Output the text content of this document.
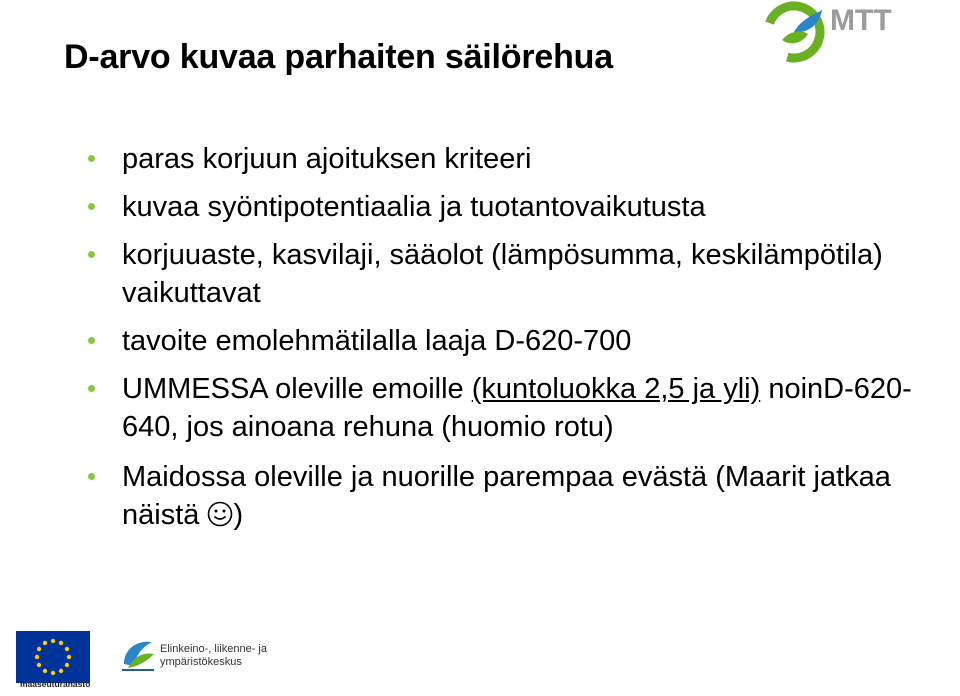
D-arvo kuvaa parhaiten säilörehua
MTT
paras korjuun ajoituksen kriteeri
kuvaa syöntipotentiaalia ja tuotantovaikutusta
korjuuaste, kasvilaji, sääolot (lämpösumma, keskilämpötila) vaikuttavat
tavoite emolehmätilalla laaja D-620-700
UMMESSA oleville emoille (kuntoluokka 2,5 ja yli) noinD-620-640, jos ainoana rehuna (huomio rotu)
Maidossa oleville ja nuorille parempaa evästä (Maarit jatkaa näistä )
maaseuturahasto
Elinkeino-, liikenne- ja
ympäristökeskus
